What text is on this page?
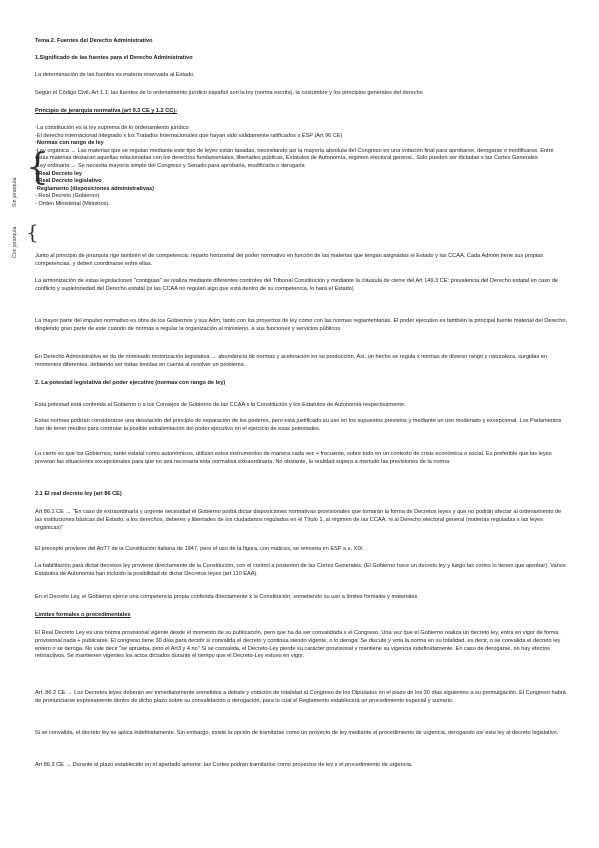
Tema 2. Fuentes del Derecho Administrativo

1.Significado de las fuentes para el Derecho Administrativo

La determinación de las fuentes es materia reservada al Estado.

Según el Código Civil, Art 1.1, las fuentes de lo ordenamiento jurídico español son la ley (norma escrita), la costumbre y los principios generales del derecho

Principio de jerarquía normativa (art 9.3 CE y 1.2 CC):

Sin jerarquía
Con jerarquía
{
{

·La constitución es la ley suprema de lo ordenamiento jurídico

·El derecho internacional integrado x los Tratados Internacionales que hayan sido válidamente ratificados x ESP (Art 96 CE)

·Normas con rango de ley

-Ley orgánica → Las materias que se regulan mediante este tipo de leyes están tasadas, necesitando así la mayoría absoluta del Congreso en una votación final para aprobarse, derogarse o modificarse. Entre estas materias destacan aquellas relacionadas con los derechos fundamentales, libertades públicas, Estatutos de Autonomía, régimen electoral general.. Solo pueden ser dictadas x las Cortes Generales

-Ley ordinaria → Se necesita mayoría simple del Congreso y Senado para aprobarla, modificarla o derogarla

- Real Decreto ley

- Real Decreto legislativo

·Reglamento (disposiciones administrativas)

- Real Decreto (Gobierno)

- Orden Ministerial (Ministros).

Junto al principio de jerarquía rige también el de competencia: reparto horizontal del poder normativo en función de las materias que tengan asignadas el Estado y las CCAA. Cada Admón tiene sus propias competencias, y deben coordinarse entre ellas.

La armonización de estas legislaciones "contiguas" se realiza mediante diferentes controles del Tribunal Constitución y mediante la cláusula de cierre del Art 149.3 CE: prevalencia del Derecho estatal en caso de conflicto y supletoriedad del Derecho estatal (si las CCAA no regulan algo que está dentro de su competencia, lo hará el Estado)

La mayor parte del impulso normativo es obra de los Gobiernos y sus Adm, tanto con los proyectos de ley como con las normas reglamentarias. El poder ejecutivo es también la principal fuente material del Derecho, dirigiendo gran parte de este cuando de normas a regular la organización al ministerio, a sus funciones y servicios públicos.

En Derecho Administrativo se da de nominado motorización legislativa → abundancia de normas y aceleración en su producción. Así, un hecho se regula x normas de diverso rango y naturaleza, surgidas en momentos diferentes, debiendo ser todas tenidas en cuenta al resolver un problema.

2. La potestad legislativa del poder ejecutivo (normas con rango de ley)

Esta potestad está conferida al Gobierno o a los Consejos de Gobierno de las CCAA x la Constitución y los Estatutos de Autonomía respectivamente.

Estas normas podrían considerarse una desviación del principio de separación de los poderes, pero está justificado su uso en los supuestos previstos y mediante un uso moderado y excepcional. Los Parlamentos han de tener medios para controlar la posible extralimitación del poder ejecutivo en el ejercicio de esas potestades.

Lo cierto es que los Gobiernos, tanto estatal como autonómicos, utilizan estos instrumentos de manera cada vez + frecuente, sobre todo en un contexto de crisis económica o social. Es preferible que las leyes prevean las situaciones excepcionales para que no sea necesaria esta normativa extraordinaria. No obstante, la realidad supera a menudo las previsiones de la norma

2.1 El real decreto ley (art 86 CE)

Art 86.1 CE → "En caso de extraordinaria y urgente necesidad el Gobierno podrá dictar disposiciones normativas provisionales que tomarán la forma de Decretos leyes y que no podrán afectar al ordenamiento de las instituciones básicas del Estado, a los derechos, deberes y libertades de los ciudadanos regulados en el Título 1, al régimen de las CCAA, ni al Derecho electoral general (materias reguladas x las leyes orgánicas)"

El precepto proviene del Art77 de la Constitución italiana de 1947, pero el uso de la figura, con matices, se remonta en ESP a s. XIX.

La habilitación para dictar decretos ley proviene directamente de la Constitución, con el control a posteriori de las Cortes Generales. (El Gobierno hace un decreto ley y luego las cortes lo tienen que aprobar). Varios Estatutos de Autonomía han incluido la posibilidad de dictar Decretos leyes (art 110 EAA).

En el Decreto Ley, el Gobierno ejerce una competencia propia conferida directamente x la Constitución, sometiendo su uso a límites formales y materiales.

Límites formales o procedimentales

El Real Decreto Ley es una norma provisional vigente desde el momento de su publicación, pero que ha de ser convalidada x el Congreso. Una vez que el Gobierno realiza un decreto ley, entra en vigor de forma provisional nada + publicarse. El congreso tiene 30 días para decidir si convalida el decreto y continúa siendo vigente, o lo deroga. Se discute y vota la norma en su totalidad, es decir, o se convalida el decreto ley entero o se deroga. No vale decir "se aprueba, pero el Art3 y 4 no" Si se convalida, el Decreto-Ley pierde su carácter provisional y mantiene su vigencia indefinidamente. En caso de derogarse, no hay efectos retroactivos. Se mantienen vigentes los actos dictados durante el tiempo que el Decreto-Ley estuvo en vigor.

Art. 86.2 CE → Los Decretos leyes deberán ser inmediatamente sometidos a debate y votación de totalidad al Congreso de los Diputados en el plazo de los 30 días siguientes a su promulgación. El Congreso habrá de pronunciarse expresamente dentro de dicho plazo sobre su convalidación o derogación, para lo cual el Reglamento establecerá un procedimiento especial y sumario.

Si se convalida, el decreto ley se aplica indefinidamente. Sin embargo, existe la opción de tramitarse como un proyecto de ley mediante el procedimiento de urgencia, derogando así esta ley al decreto legislativo.

Art 86.3 CE → Durante el plazo establecido en el apartado anterior, las Cortes podrán tramitarlos como proyectos de ley x el procedimiento de urgencia.
